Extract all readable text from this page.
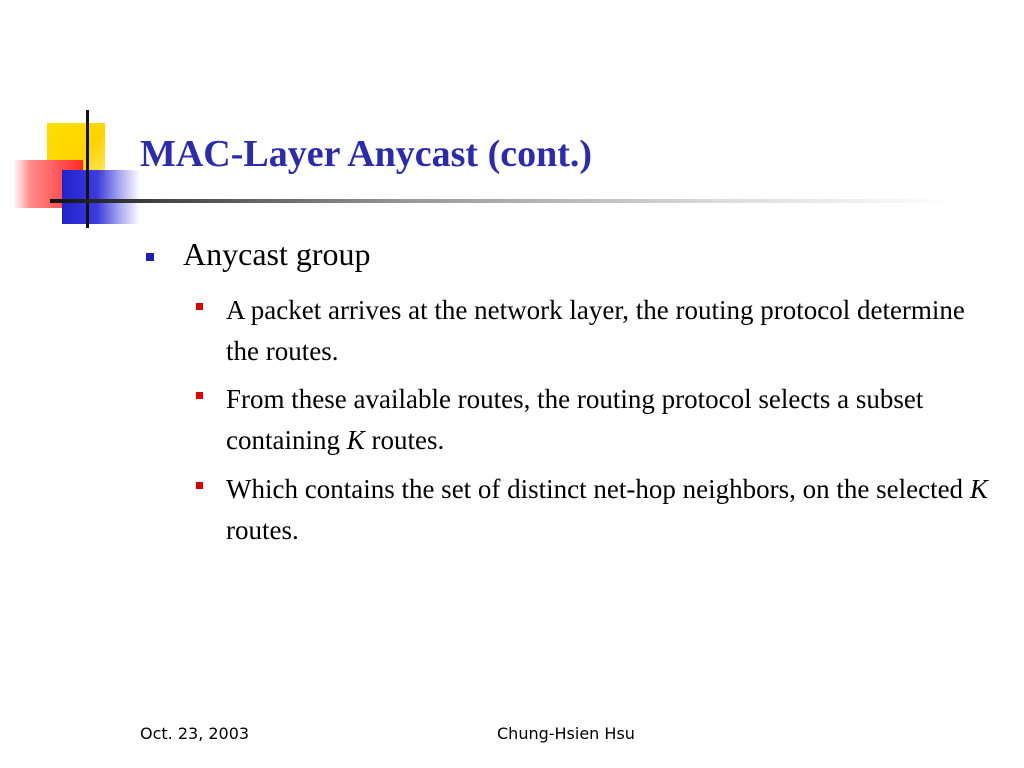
MAC-Layer Anycast (cont.)
Anycast group
A packet arrives at the network layer, the routing protocol determine the routes.
From these available routes, the routing protocol selects a subset containing K routes.
Which contains the set of distinct net-hop neighbors, on the selected K routes.
Oct. 23, 2003	Chung-Hsien Hsu
